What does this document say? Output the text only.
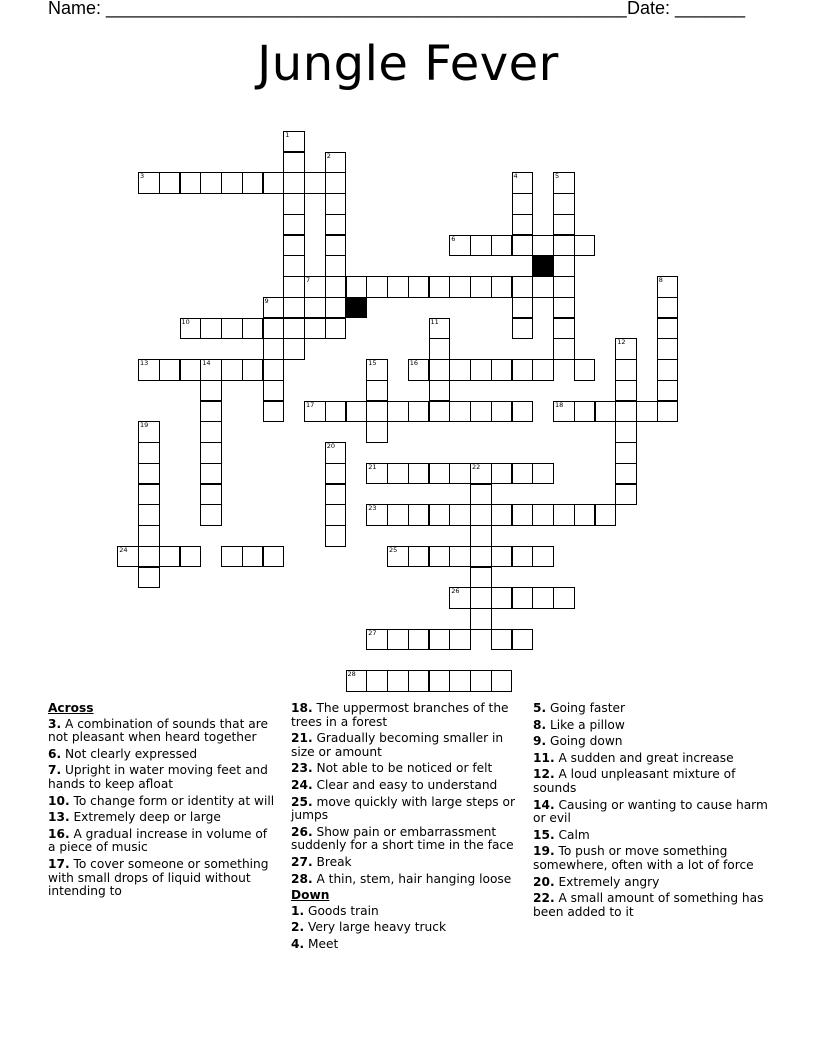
Name: ____________________________________________________ Date: _______
Jungle Fever
1
2
3	4	5
6
7	8
9
10	11
12
13	14	15	16
17	18
19
20
21	22
23
24	25
26
27
28
Across
3. A combination of sounds that are not pleasant when heard together
6. Not clearly expressed
7. Upright in water moving feet and hands to keep afloat
10. To change form or identity at will
13. Extremely deep or large
16. A gradual increase in volume of a piece of music
17. To cover someone or something with small drops of liquid without intending to
18. The uppermost branches of the trees in a forest
21. Gradually becoming smaller in size or amount
23. Not able to be noticed or felt
24. Clear and easy to understand
25. move quickly with large steps or jumps
26. Show pain or embarrassment suddenly for a short time in the face
27. Break
28. A thin, stem, hair hanging loose
Down
1. Goods train
2. Very large heavy truck
4. Meet
5. Going faster
8. Like a pillow
9. Going down
11. A sudden and great increase
12. A loud unpleasant mixture of sounds
14. Causing or wanting to cause harm or evil
15. Calm
19. To push or move something somewhere, often with a lot of force
20. Extremely angry
22. A small amount of something has been added to it
